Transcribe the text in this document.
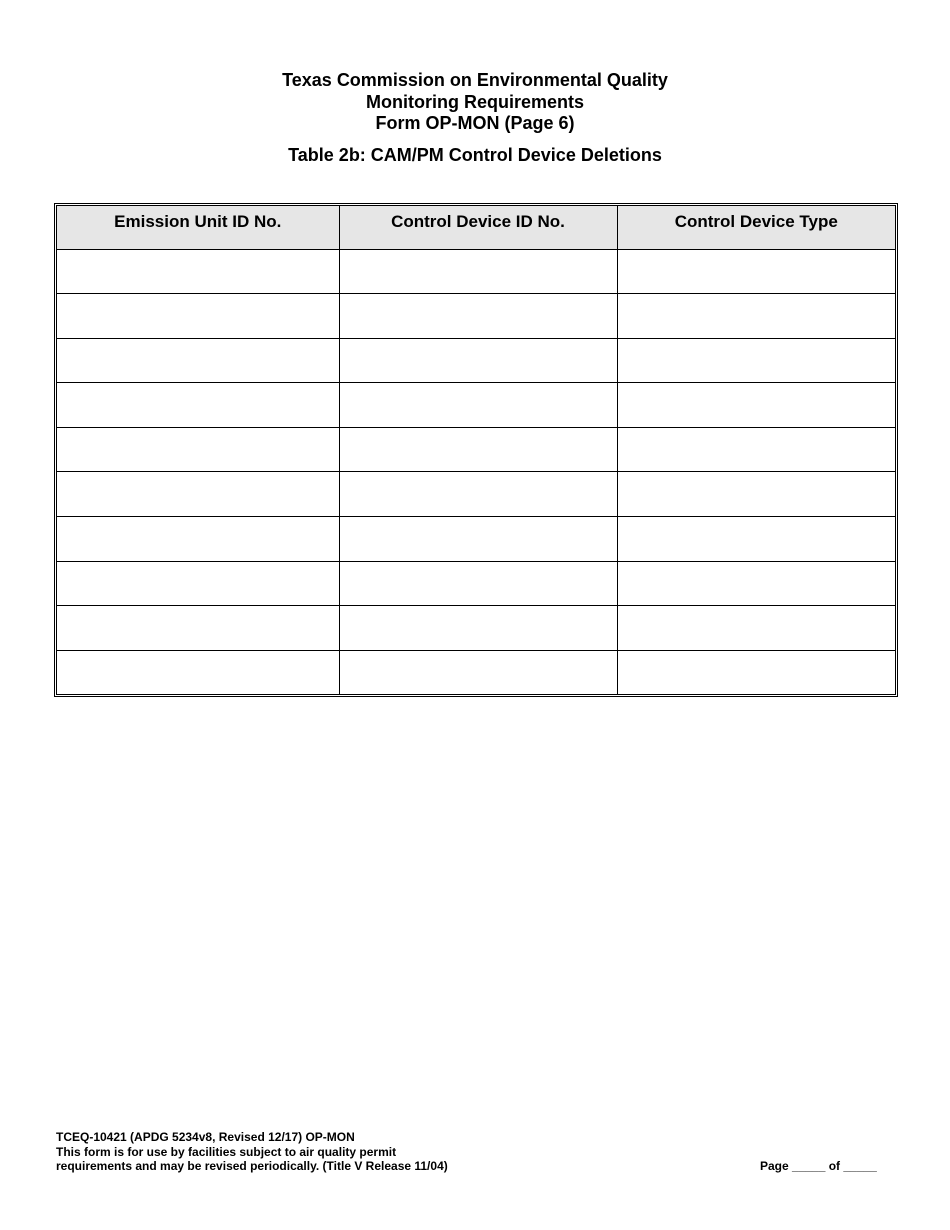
Texas Commission on Environmental Quality
Monitoring Requirements
Form OP-MON (Page 6)
Table 2b: CAM/PM Control Device Deletions
Emission Unit ID No.	Control Device ID No.	Control Device Type

TCEQ-10421 (APDG 5234v8, Revised 12/17) OP-MON
This form is for use by facilities subject to air quality permit
requirements and may be revised periodically. (Title V Release 11/04)	Page _____ of _____
